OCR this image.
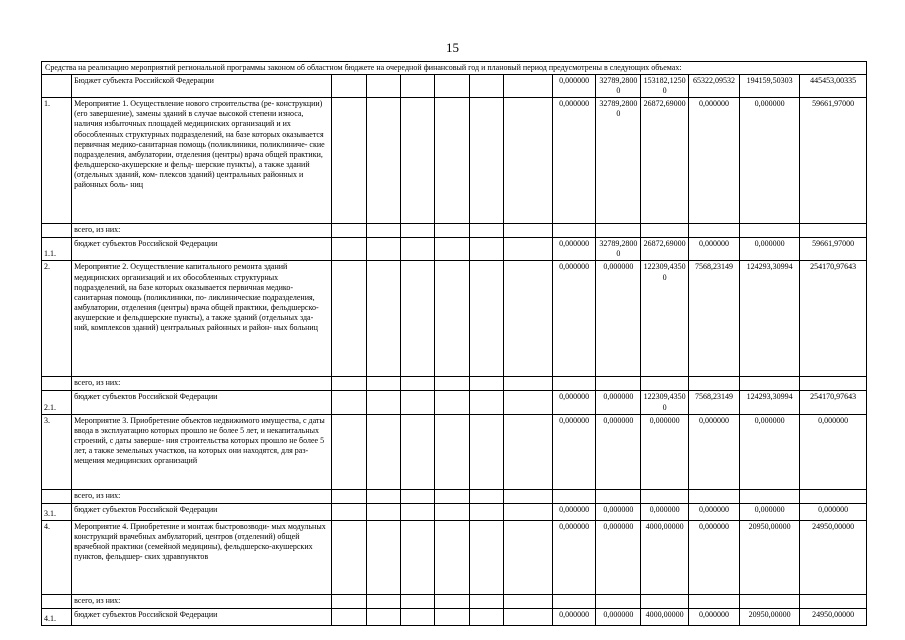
15
Средства на реализацию мероприятий региональной программы законом об областном бюджете на очередной финансовый год и плановый период предусмотрены в следующих объемах:													
	Бюджет субъекта Российской Федерации							0,000000	32789,28000	153182,12500	65322,09532	194159,50303	445453,00335
1.	Мероприятие 1. Осуществление нового строительства (ре- конструкции) (его завершение), замены зданий в случае высокой степени износа, наличия избыточных площадей медицинских организаций и их обособленных структурных подразделений, на базе которых оказывается первичная медико-санитарная помощь (поликлиники, поликлиниче- ские подразделения, амбулатории, отделения (центры) врача общей практики, фельдшерско-акушерские и фельд- шерские пункты), а также зданий (отдельных зданий, ком- плексов зданий) центральных районных и районных боль- ниц							0,000000	32789,28000	26872,69000	0,000000	0,000000	59661,97000
	всего, из них:												
1.1.	бюджет субъектов Российской Федерации							0,000000	32789,28000	26872,69000	0,000000	0,000000	59661,97000
2.	Мероприятие 2. Осуществление капитального ремонта зданий медицинских организаций и их обособленных структурных подразделений, на базе которых оказывается первичная медико-санитарная помощь (поликлиники, по- ликлинические подразделения, амбулатории, отделения (центры) врача общей практики, фельдшерско-акушерские и фельдшерские пункты), а также зданий (отдельных зда- ний, комплексов зданий) центральных районных и район- ных больниц							0,000000	0,000000	122309,43500	7568,23149	124293,30994	254170,97643
	всего, из них:												
2.1.	бюджет субъектов Российской Федерации							0,000000	0,000000	122309,43500	7568,23149	124293,30994	254170,97643
3.	Мероприятие 3. Приобретение объектов недвижимого имущества, с даты ввода в эксплуатацию которых прошло не более 5 лет, и некапитальных строений, с даты заверше- ния строительства которых прошло не более 5 лет, а также земельных участков, на которых они находятся, для раз- мещения медицинских организаций							0,000000	0,000000	0,000000	0,000000	0,000000	0,000000
	всего, из них:												
3.1.	бюджет субъектов Российской Федерации							0,000000	0,000000	0,000000	0,000000	0,000000	0,000000
4.	Мероприятие 4. Приобретение и монтаж быстровозводи- мых модульных конструкций врачебных амбулаторий, центров (отделений) общей врачебной практики (семейной медицины), фельдшерско-акушерских пунктов, фельдшер- ских здравпунктов							0,000000	0,000000	4000,00000	0,000000	20950,00000	24950,00000
	всего, из них:												
4.1.	бюджет субъектов Российской Федерации							0,000000	0,000000	4000,00000	0,000000	20950,00000	24950,00000
